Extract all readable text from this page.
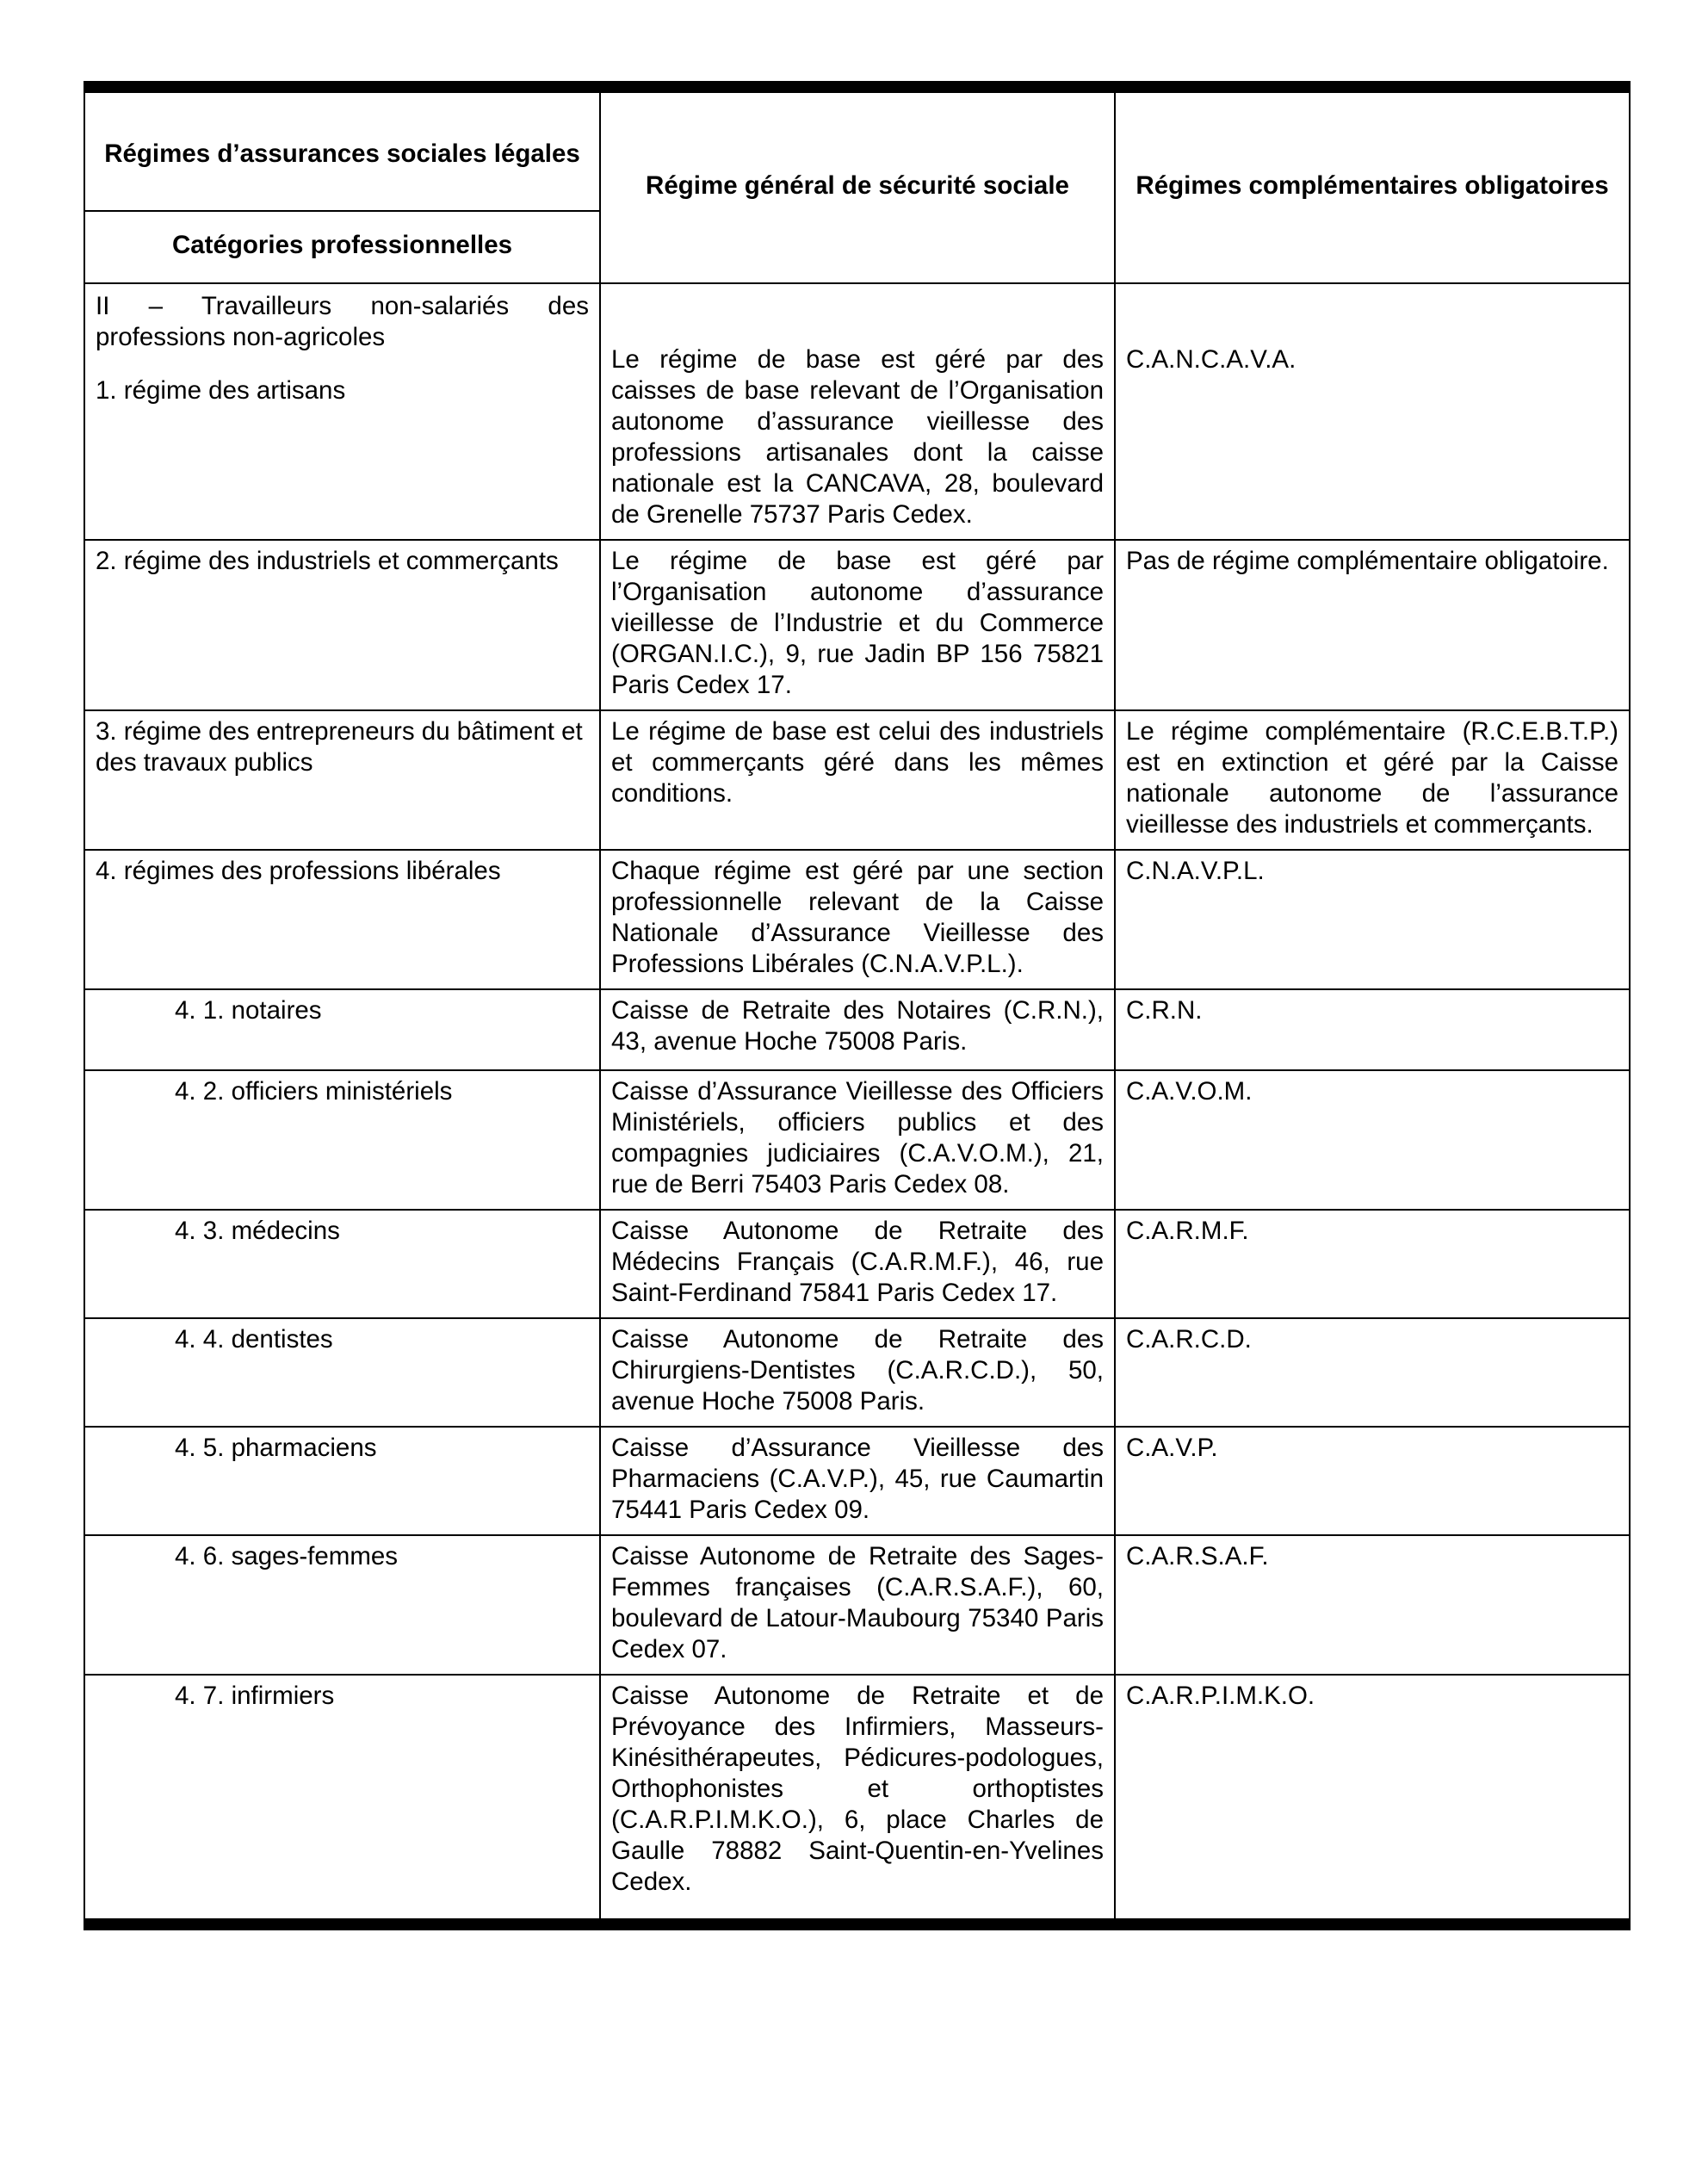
Régimes d’assurances sociales légales	Régime général de sécurité sociale	Régimes complémentaires obligatoires
Catégories professionnelles		

II – Travailleurs non-salariés des professions non-agricoles
1. régime des artisans	Le régime de base est géré par des caisses de base relevant de l’Organisation autonome d’assurance vieillesse des professions artisanales dont la caisse nationale est la CANCAVA, 28, boulevard de Grenelle 75737 Paris Cedex.	C.A.N.C.A.V.A.

2. régime des industriels et commerçants	Le régime de base est géré par l’Organisation autonome d’assurance vieillesse de l’Industrie et du Commerce (ORGAN.I.C.), 9, rue Jadin BP 156 75821 Paris Cedex 17.	Pas de régime complémentaire obligatoire.
3. régime des entrepreneurs du bâtiment et des travaux publics	Le régime de base est celui des industriels et commerçants géré dans les mêmes conditions.	Le régime complémentaire (R.C.E.B.T.P.) est en extinction et géré par la Caisse nationale autonome de l’assurance vieillesse des industriels et commerçants.
4. régimes des professions libérales	Chaque régime est géré par une section professionnelle relevant de la Caisse Nationale d’Assurance Vieillesse des Professions Libérales (C.N.A.V.P.L.).	C.N.A.V.P.L.
4. 1. notaires	Caisse de Retraite des Notaires (C.R.N.), 43, avenue Hoche 75008 Paris.	C.R.N.
4. 2. officiers ministériels	Caisse d’Assurance Vieillesse des Officiers Ministériels, officiers publics et des compagnies judiciaires (C.A.V.O.M.), 21, rue de Berri 75403 Paris Cedex 08.	C.A.V.O.M.
4. 3. médecins	Caisse Autonome de Retraite des Médecins Français (C.A.R.M.F.), 46, rue Saint-Ferdinand 75841 Paris Cedex 17.	C.A.R.M.F.
4. 4. dentistes	Caisse Autonome de Retraite des Chirurgiens-Dentistes (C.A.R.C.D.), 50, avenue Hoche 75008 Paris.	C.A.R.C.D.
4. 5. pharmaciens	Caisse d’Assurance Vieillesse des Pharmaciens (C.A.V.P.), 45, rue Caumartin 75441 Paris Cedex 09.	C.A.V.P.
4. 6. sages-femmes	Caisse Autonome de Retraite des Sages-Femmes françaises (C.A.R.S.A.F.), 60, boulevard de Latour-Maubourg 75340 Paris Cedex 07.	C.A.R.S.A.F.
4. 7. infirmiers	Caisse Autonome de Retraite et de Prévoyance des Infirmiers, Masseurs-Kinésithérapeutes, Pédicures-podologues, Orthophonistes et orthoptistes (C.A.R.P.I.M.K.O.), 6, place Charles de Gaulle 78882 Saint-Quentin-en-Yvelines Cedex.	C.A.R.P.I.M.K.O.
